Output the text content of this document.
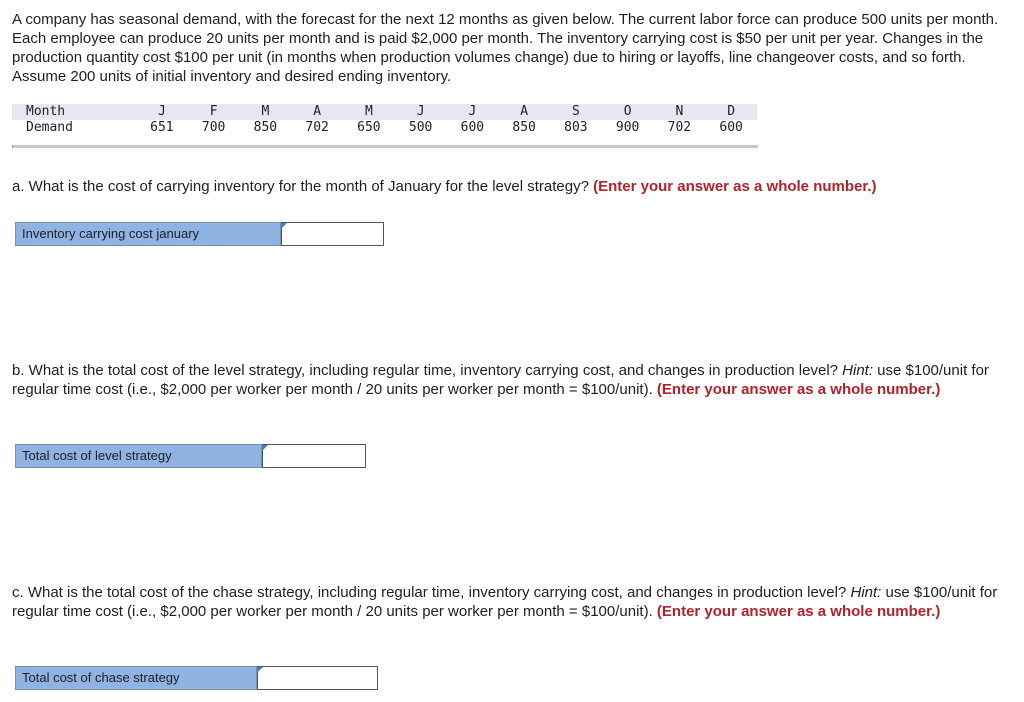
A company has seasonal demand, with the forecast for the next 12 months as given below. The current labor force can produce 500 units per month. Each employee can produce 20 units per month and is paid $2,000 per month. The inventory carrying cost is $50 per unit per year. Changes in the production quantity cost $100 per unit (in months when production volumes change) due to hiring or layoffs, line changeover costs, and so forth. Assume 200 units of initial inventory and desired ending inventory.

Month	J	F	M	A	M	J	J	A	S	O	N	D
Demand	651	700	850	702	650	500	600	850	803	900	702	600

a. What is the cost of carrying inventory for the month of January for the level strategy? (Enter your answer as a whole number.)

Inventory carrying cost january

b. What is the total cost of the level strategy, including regular time, inventory carrying cost, and changes in production level? Hint: use $100/unit for regular time cost (i.e., $2,000 per worker per month / 20 units per worker per month = $100/unit). (Enter your answer as a whole number.)

Total cost of level strategy

c. What is the total cost of the chase strategy, including regular time, inventory carrying cost, and changes in production level? Hint: use $100/unit for regular time cost (i.e., $2,000 per worker per month / 20 units per worker per month = $100/unit). (Enter your answer as a whole number.)

Total cost of chase strategy
